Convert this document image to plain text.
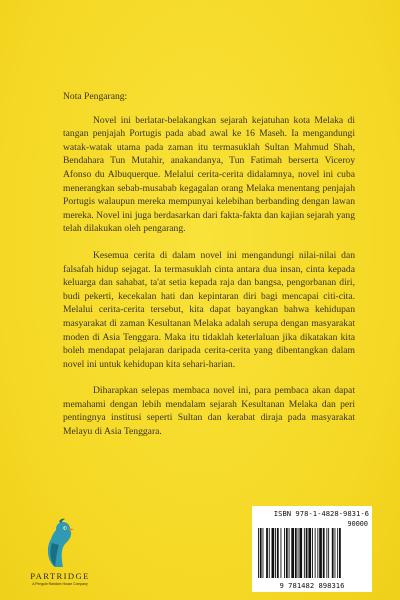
Nota Pengarang:

Novel ini berlatar-belakangkan sejarah kejatuhan kota Melaka di tangan penjajah Portugis pada abad awal ke 16 Maseh. Ia mengandungi watak-watak utama pada zaman itu termasuklah Sultan Mahmud Shah, Bendahara Tun Mutahir, anakandanya, Tun Fatimah berserta Viceroy Afonso du Albuquerque. Melalui cerita-cerita didalamnya, novel ini cuba menerangkan sebab-musabab kegagalan orang Melaka menentang penjajah Portugis walaupun mereka mempunyai kelebihan berbanding dengan lawan mereka. Novel ini juga berdasarkan dari fakta-fakta dan kajian sejarah yang telah dilakukan oleh pengarang.

Kesemua cerita di dalam novel ini mengandungi nilai-nilai dan falsafah hidup sejagat. Ia termasuklah cinta antara dua insan, cinta kepada keluarga dan sahabat, ta'at setia kepada raja dan bangsa, pengorbanan diri, budi pekerti, kecekalan hati dan kepintaran diri bagi mencapai citi-cita. Melalui cerita-cerita tersebut, kita dapat bayangkan bahwa kehidupan masyarakat di zaman Kesultanan Melaka adalah serupa dengan masyarakat moden di Asia Tenggara. Maka itu tidaklah keterlaluan jika dikatakan kita boleh mendapat pelajaran daripada cerita-cerita yang dibentangkan dalam novel ini untuk kehidupan kita sehari-harian.

Diharapkan selepas membaca novel ini, para pembaca akan dapat memahami dengan lebih mendalam sejarah Kesultanan Melaka dan peri pentingnya institusi seperti Sultan dan kerabat diraja pada masyarakat Melayu di Asia Tenggara.

PARTRIDGE
A Penguin Random House Company
ISBN 978-1-4828-9831-6
90000
9 781482 898316
